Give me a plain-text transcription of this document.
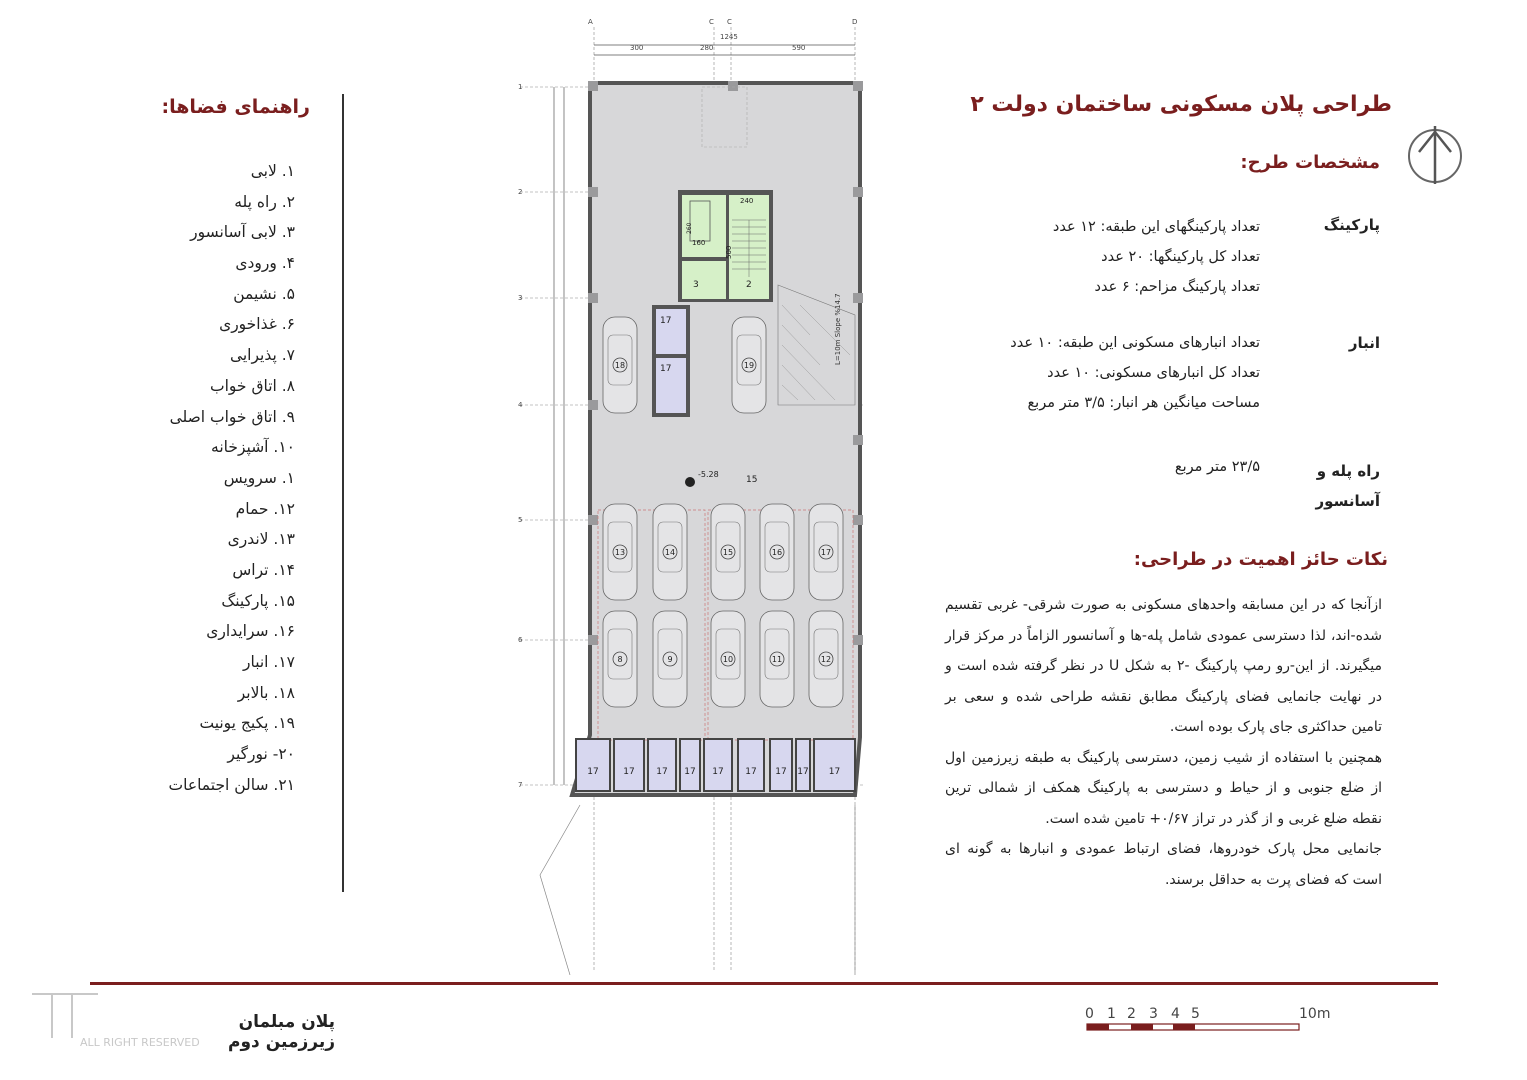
راهنمای فضاها:
۱. لابی
۲. راه پله
۳. لابی آسانسور
۴. ورودی
۵. نشیمن
۶. غذاخوری
۷. پذیرایی
۸. اتاق خواب
۹. اتاق خواب اصلی
۱۰. آشپزخانه
۱. سرویس
۱۲. حمام
۱۳. لاندری
۱۴. تراس
۱۵. پارکینگ
۱۶. سرایداری
۱۷. انبار
۱۸. بالابر
۱۹. پکیج یونیت
۲۰- نورگیر
۲۱. سالن اجتماعات
A	C C	D
1245
300	280	590
1
2
3
4
5
6
7
240
500
260
160
3	2
17
17
L=10m Slope %14.7
-5.28
15
18	19
13	14	15	16	17
8	9	10	11	12
17	17 17 17 17 17 17 17 17
طراحی پلان مسکونی ساختمان دولت ۲
مشخصات طرح:
پارکینگ
تعداد پارکینگهای این طبقه: ۱۲ عدد
تعداد کل پارکینگها: ۲۰ عدد
تعداد پارکینگ مزاحم: ۶ عدد
انبار
تعداد انبارهای مسکونی این طبقه: ۱۰ عدد
تعداد کل انبارهای مسکونی: ۱۰ عدد
مساحت میانگین هر انبار: ۳/۵ متر مربع
راه پله و
آسانسور
۲۳/۵ متر مربع
نکات حائز اهمیت در طراحی:

ازآنجا که در این مسابقه واحدهای مسکونی به صورت شرقی- غربی تقسیم شده-اند، لذا دسترسی عمودی شامل پله-ها و آسانسور الزاماً در مرکز قرار میگیرند. از این-رو رمپ پارکینگ -۲ به شکل U در نظر گرفته شده است و در نهایت جانمایی فضای پارکینگ مطابق نقشه طراحی شده و سعی بر تامین حداکثری جای پارک بوده است.

همچنین با استفاده از شیب زمین، دسترسی پارکینگ به طبقه زیرزمین اول از ضلع جنوبی و از حیاط و دسترسی به پارکینگ همکف از شمالی ترین نقطه ضلع غربی و از گذر در تراز ۰/۶۷+ تامین شده است.

جانمایی محل پارک خودروها، فضای ارتباط عمودی و انبارها به گونه ای است که فضای پرت به حداقل برسند.

ALL RIGHT RESERVED
پلان مبلمان زیرزمین دوم
0 1 2 3 4 5	10m
